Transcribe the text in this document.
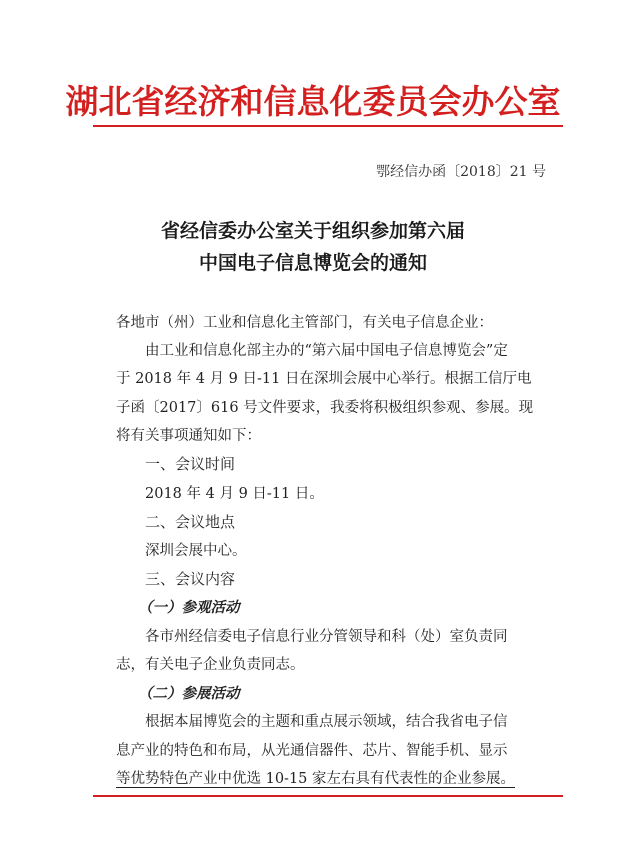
湖北省经济和信息化委员会办公室
鄂经信办函〔2018〕21 号
省经信委办公室关于组织参加第六届
中国电子信息博览会的通知
各地市（州）工业和信息化主管部门，有关电子信息企业：
由工业和信息化部主办的“第六届中国电子信息博览会”定
于 2018 年 4 月 9 日-11 日在深圳会展中心举行。根据工信厅电
子函〔2017〕616 号文件要求，我委将积极组织参观、参展。现
将有关事项通知如下：
一、会议时间
2018 年 4 月 9 日-11 日。
二、会议地点
深圳会展中心。
三、会议内容
（一）参观活动
各市州经信委电子信息行业分管领导和科（处）室负责同
志，有关电子企业负责同志。
（二）参展活动
根据本届博览会的主题和重点展示领域，结合我省电子信
息产业的特色和布局，从光通信器件、芯片、智能手机、显示
等优势特色产业中优选 10-15 家左右具有代表性的企业参展。
